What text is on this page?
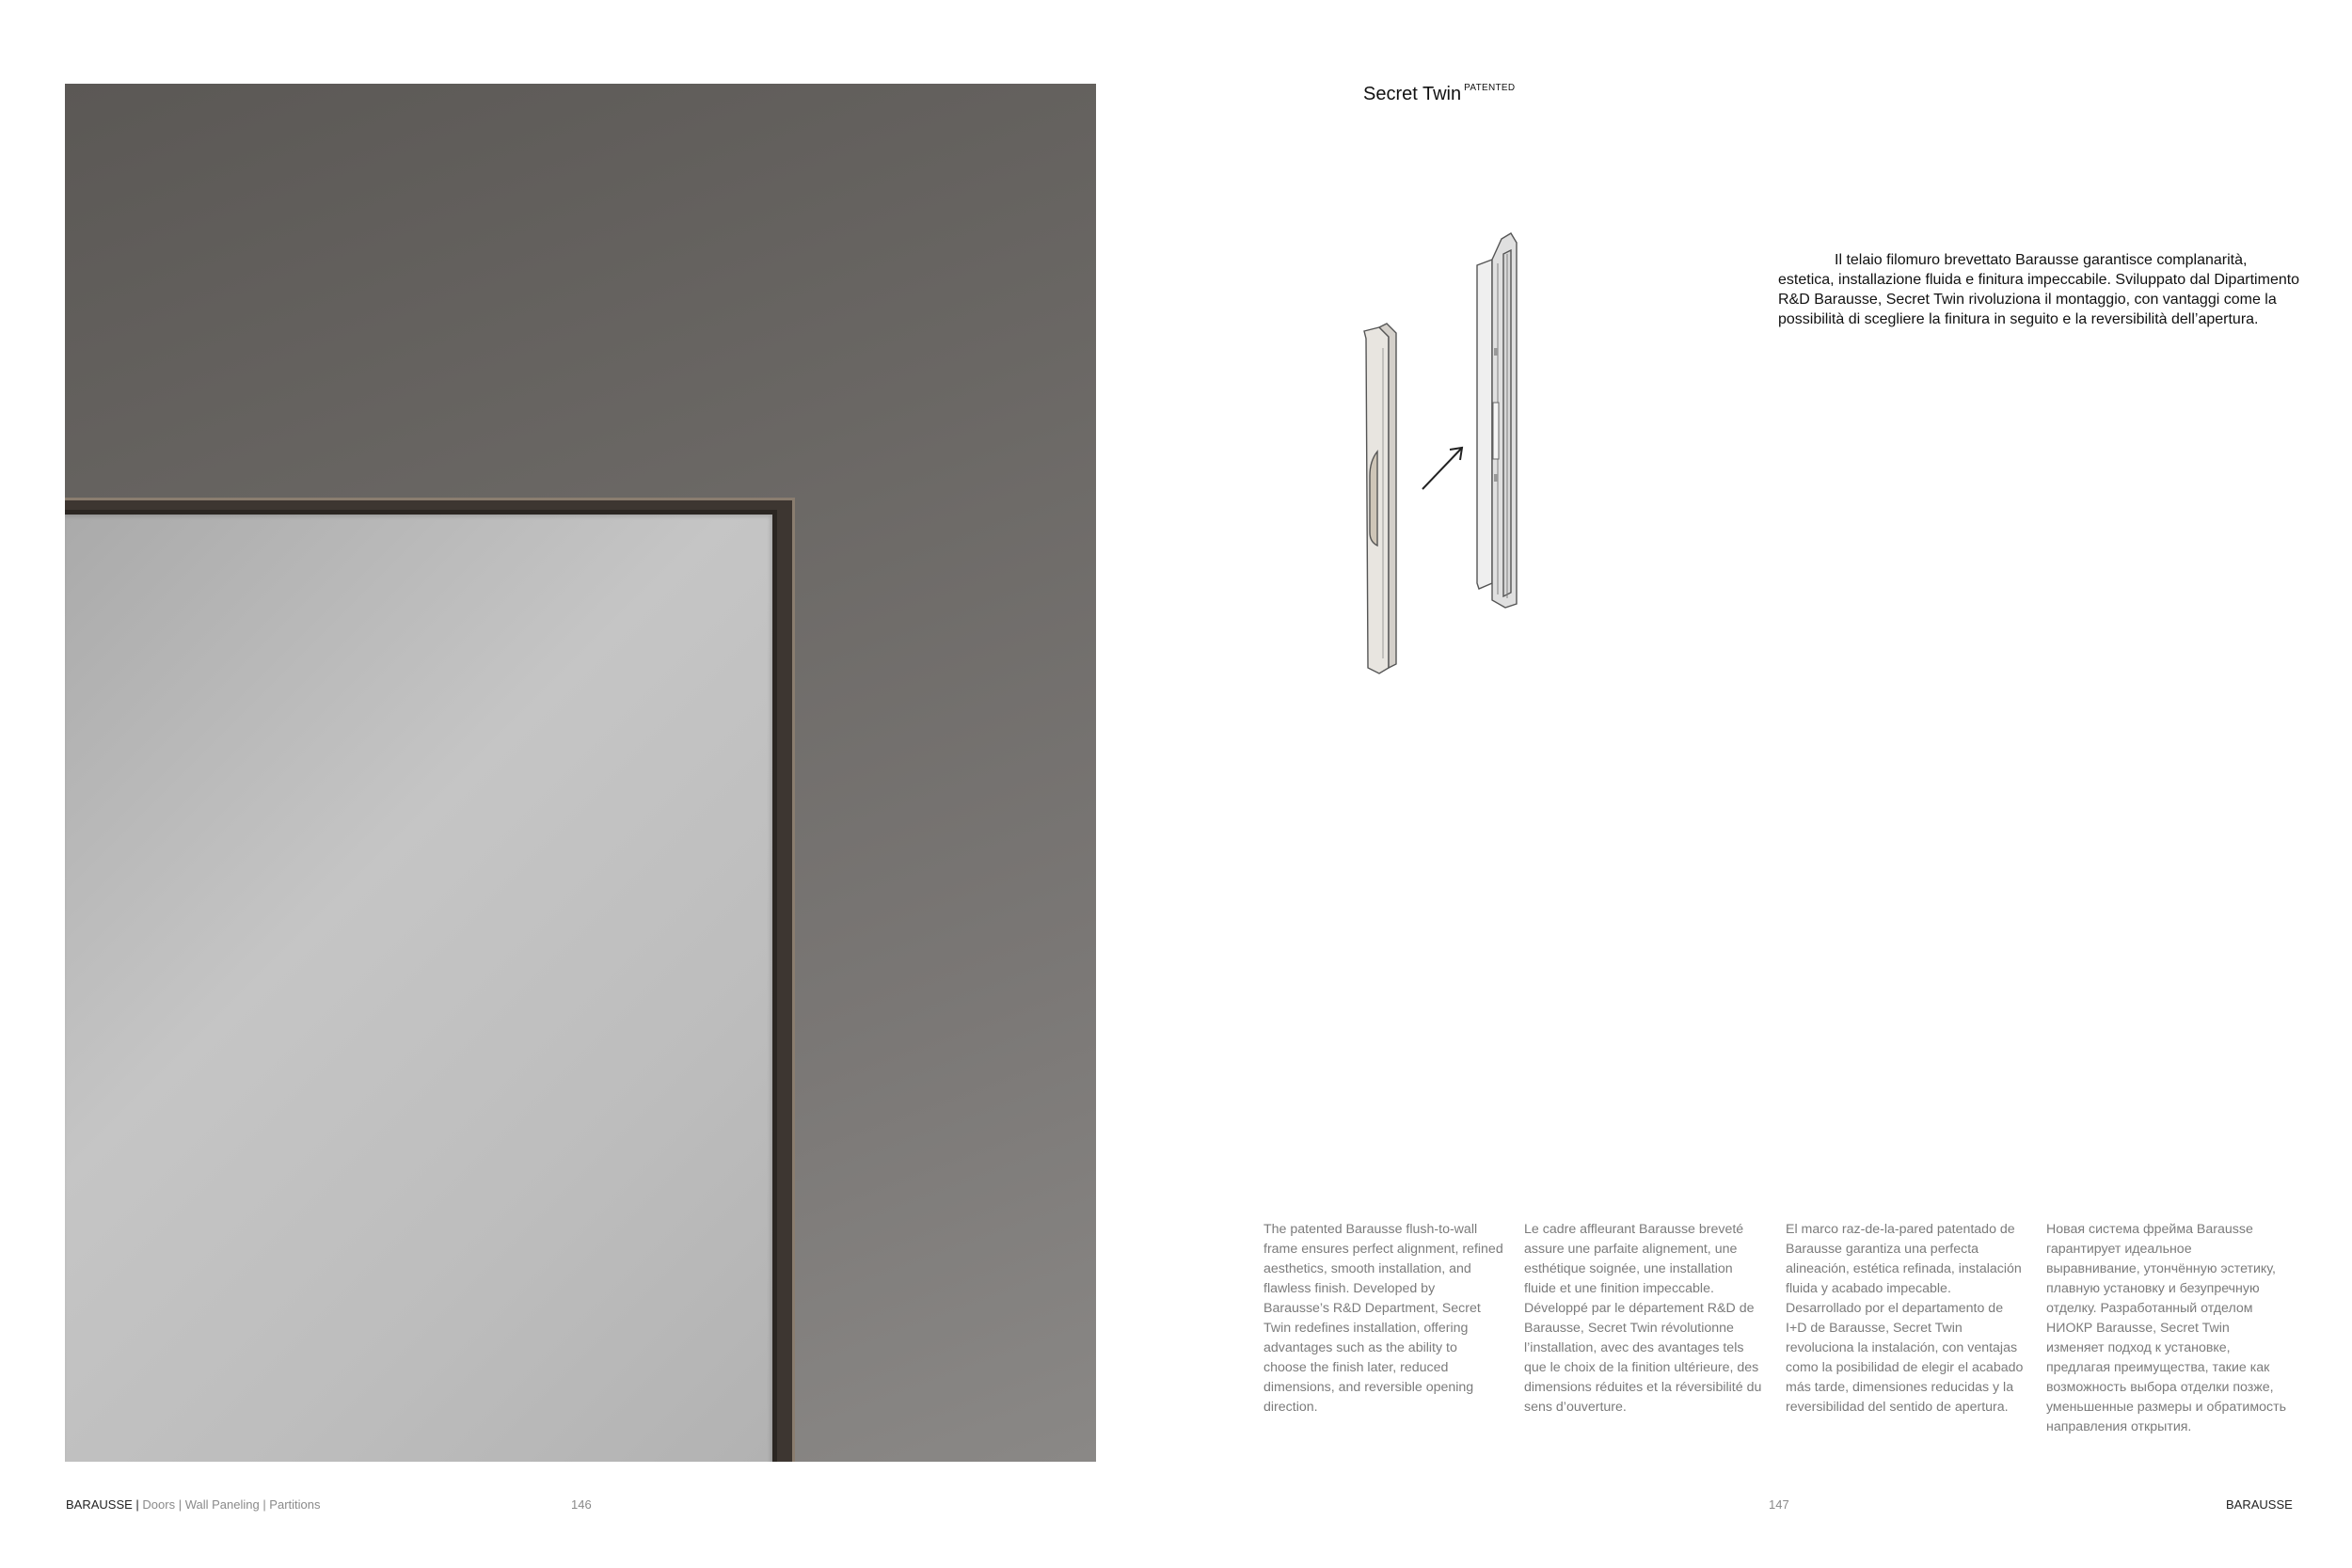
Secret Twin $^{PATENTED}$

Il telaio filomuro brevettato Barausse garantisce complanarità, estetica, installazione fluida e finitura impeccabile. Sviluppato dal Dipartimento R&D Barausse, Secret Twin rivoluziona il montaggio, con vantaggi come la possibilità di scegliere la finitura in seguito e la reversibilità dell’apertura.

The patented Barausse flush-to-wall frame ensures perfect alignment, refined aesthetics, smooth installation, and flawless finish. Developed by Barausse’s R&D Department, Secret Twin redefines installation, offering advantages such as the ability to choose the finish later, reduced dimensions, and reversible opening direction.

Le cadre affleurant Barausse breveté assure une parfaite alignement, une esthétique soignée, une installation fluide et une finition impeccable. Développé par le département R&D de Barausse, Secret Twin révolutionne l’installation, avec des avantages tels que le choix de la finition ultérieure, des dimensions réduites et la réversibilité du sens d’ouverture.

El marco raz-de-la-pared patentado de Barausse garantiza una perfecta alineación, estética refinada, instalación fluida y acabado impecable. Desarrollado por el departamento de I+D de Barausse, Secret Twin revoluciona la instalación, con ventajas como la posibilidad de elegir el acabado más tarde, dimensiones reducidas y la reversibilidad del sentido de apertura.

Новая система фрейма Barausse гарантирует идеальное выравнивание, утончённую эстетику, плавную установку и безупречную отделку. Разработанный отделом НИОКР Barausse, Secret Twin изменяет подход к установке, предлагая преимущества, такие как возможность выбора отделки позже, уменьшенные размеры и обратимость направления открытия.

BARAUSSE | Doors | Wall Paneling | Partitions	146	147	BARAUSSE
